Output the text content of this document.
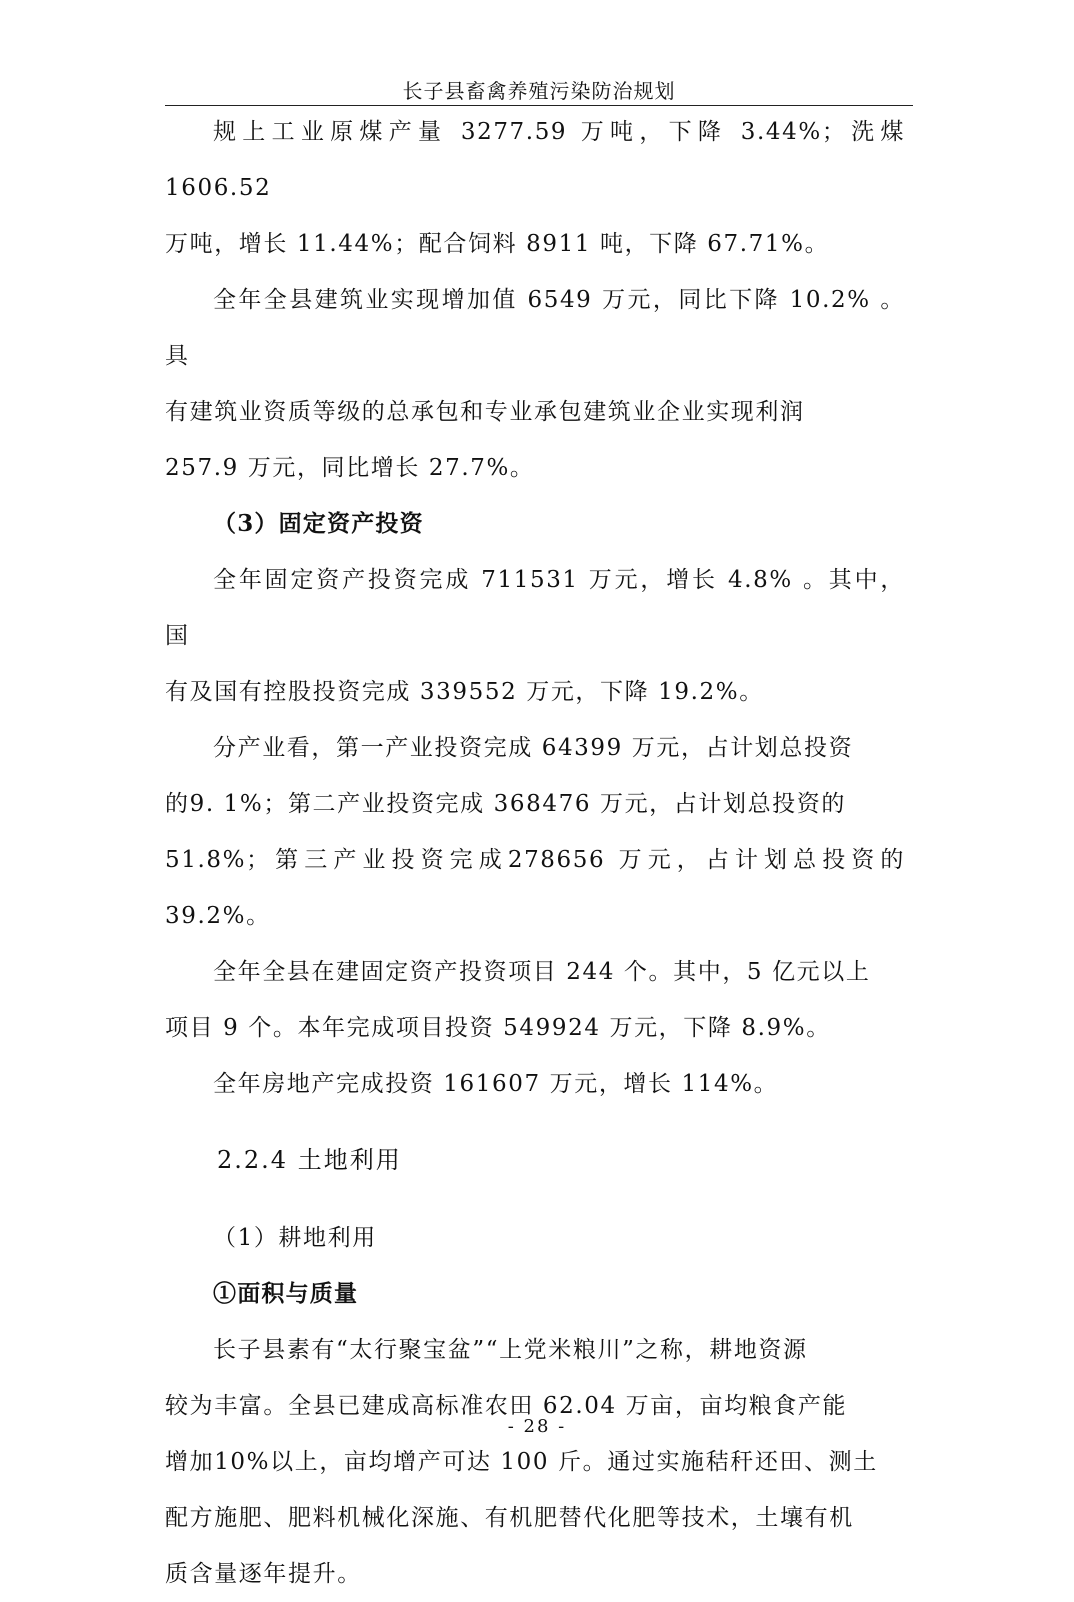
长子县畜禽养殖污染防治规划

规上工业原煤产量 3277.59 万吨，下降 3.44%；洗煤 1606.52
万吨，增长 11.44%；配合饲料 8911 吨，下降 67.71%。

全年全县建筑业实现增加值 6549 万元，同比下降 10.2% 。具
有建筑业资质等级的总承包和专业承包建筑业企业实现利润
257.9 万元，同比增长 27.7%。

（3）固定资产投资

全年固定资产投资完成 711531 万元，增长 4.8% 。其中， 国
有及国有控股投资完成 339552 万元，下降 19.2%。

分产业看，第一产业投资完成 64399 万元，占计划总投资
的9. 1%；第二产业投资完成 368476 万元，占计划总投资的
51.8%；第三产业投资完成278656 万元，占计划总投资的 39.2%。

全年全县在建固定资产投资项目 244 个。其中，5 亿元以上
项目 9 个。本年完成项目投资 549924 万元，下降 8.9%。

全年房地产完成投资 161607 万元，增长 114%。

2.2.4 土地利用

（1）耕地利用

①面积与质量

长子县素有“太行聚宝盆”“上党米粮川”之称，耕地资源
较为丰富。全县已建成高标准农田 62.04 万亩，亩均粮食产能
增加10%以上，亩均增产可达 100 斤。通过实施秸秆还田、测土
配方施肥、肥料机械化深施、有机肥替代化肥等技术，土壤有机
质含量逐年提升。

- 28 -
